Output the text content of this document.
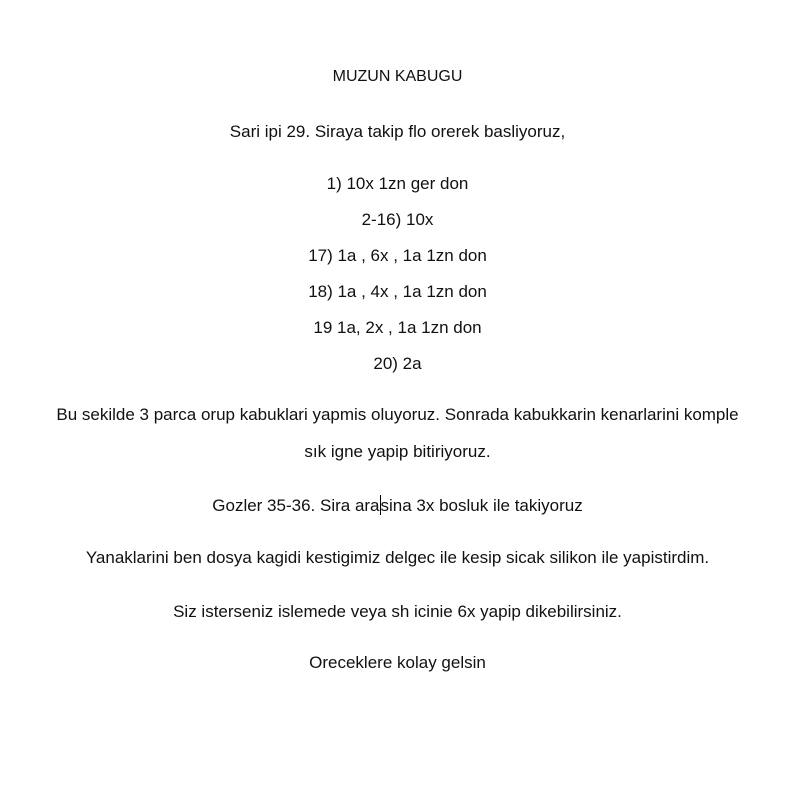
MUZUN KABUGU
Sari ipi 29. Siraya takip flo orerek basliyoruz,
1) 10x 1zn ger don
2-16) 10x
17) 1a , 6x , 1a 1zn don
18) 1a , 4x , 1a 1zn don
19 1a, 2x , 1a 1zn don
20) 2a
Bu sekilde 3 parca orup kabuklari yapmis oluyoruz. Sonrada kabukkarin kenarlarini komple
sık igne yapip bitiriyoruz.
Gozler 35-36. Sira arasina 3x bosluk ile takiyoruz
Yanaklarini ben dosya kagidi kestigimiz delgec ile kesip sicak silikon ile yapistirdim.
Siz isterseniz islemede veya sh icinie 6x yapip dikebilirsiniz.
Oreceklere kolay gelsin
